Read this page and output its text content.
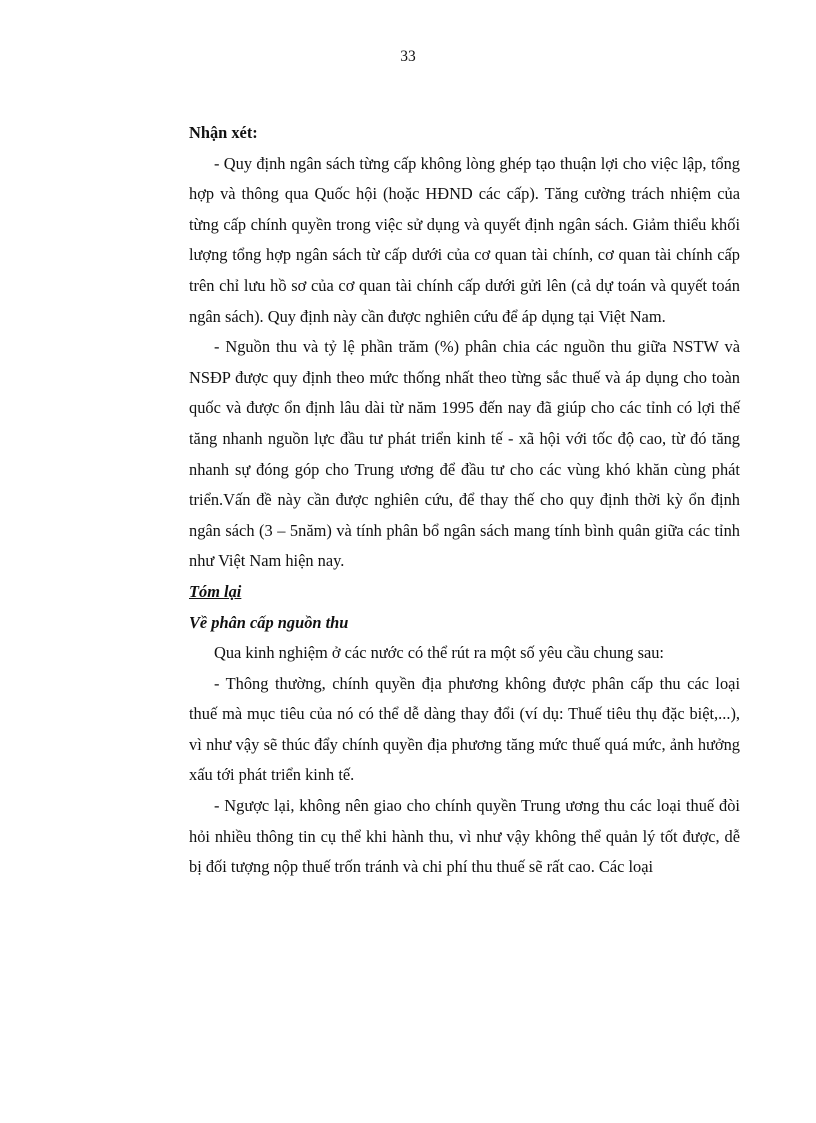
33

Nhận xét:

- Quy định ngân sách từng cấp không lòng ghép tạo thuận lợi cho việc lập, tổng hợp và thông qua Quốc hội (hoặc HĐND các cấp). Tăng cường trách nhiệm của từng cấp chính quyền trong việc sử dụng và quyết định ngân sách. Giảm thiểu khối lượng tổng hợp ngân sách từ cấp dưới của cơ quan tài chính, cơ quan tài chính cấp trên chỉ lưu hồ sơ của cơ quan tài chính cấp dưới gửi lên (cả dự toán và quyết toán ngân sách). Quy định này cần được nghiên cứu để áp dụng tại Việt Nam.

- Nguồn thu và tỷ lệ phần trăm (%) phân chia các nguồn thu giữa NSTW và NSĐP được quy định theo mức thống nhất theo từng sắc thuế và áp dụng cho toàn quốc và được ổn định lâu dài từ năm 1995 đến nay đã giúp cho các tỉnh có lợi thế tăng nhanh nguồn lực đầu tư phát triển kinh tế - xã hội với tốc độ cao, từ đó tăng nhanh sự đóng góp cho Trung ương để đầu tư cho các vùng khó khăn cùng phát triển.Vấn đề này cần được nghiên cứu, để thay thế cho quy định thời kỳ ổn định ngân sách (3 – 5năm) và tính phân bổ ngân sách mang tính bình quân giữa các tỉnh như Việt Nam hiện nay.

Tóm lại

Về phân cấp nguồn thu

Qua kinh nghiệm ở các nước có thể rút ra một số yêu cầu chung sau:

- Thông thường, chính quyền địa phương không được phân cấp thu các loại thuế mà mục tiêu của nó có thể dễ dàng thay đổi (ví dụ: Thuế tiêu thụ đặc biệt,...), vì như vậy sẽ thúc đẩy chính quyền địa phương tăng mức thuế quá mức, ảnh hưởng xấu tới phát triển kinh tế.

- Ngược lại, không nên giao cho chính quyền Trung ương thu các loại thuế đòi hỏi nhiều thông tin cụ thể khi hành thu, vì như vậy không thể quản lý tốt được, dễ bị đối tượng nộp thuế trốn tránh và chi phí thu thuế sẽ rất cao. Các loại
